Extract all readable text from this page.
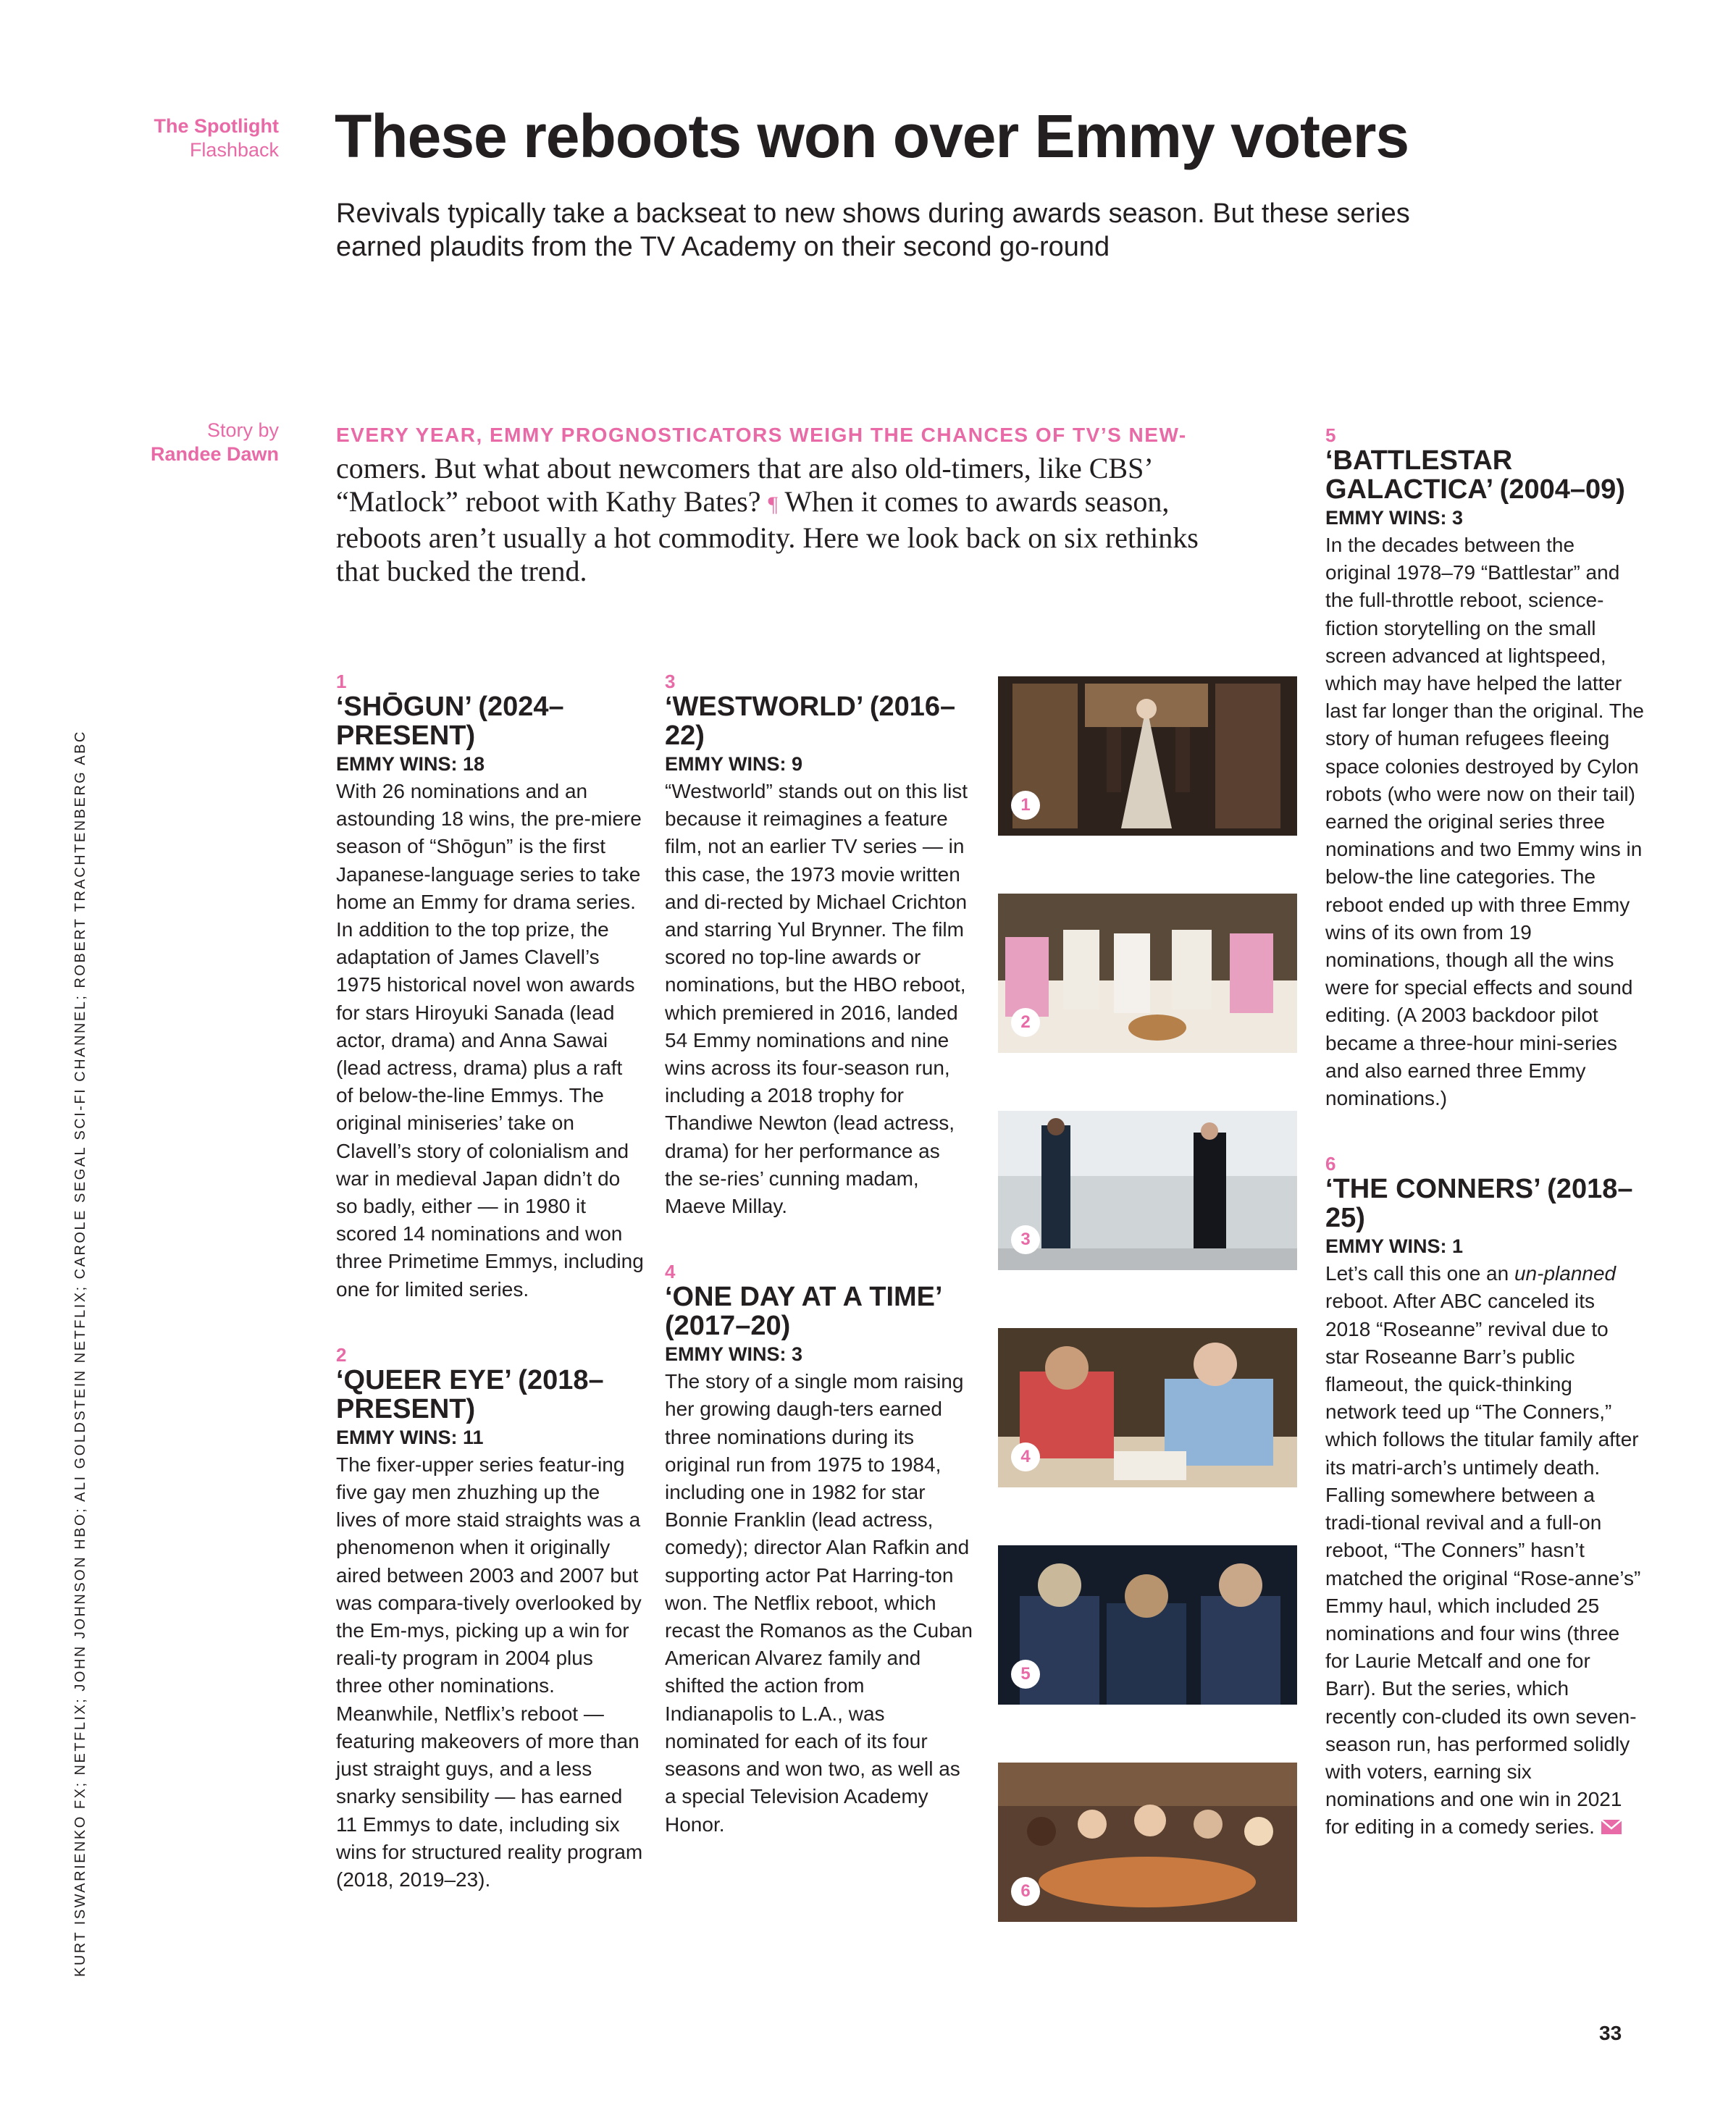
The Spotlight
Flashback These reboots won over Emmy voters
Revivals typically take a backseat to new shows during awards season. But these series earned plaudits from the TV Academy on their second go-round
Story by
Randee Dawn
EVERY YEAR, EMMY PROGNOSTICATORS WEIGH THE CHANCES OF TV’S NEW- comers. But what about newcomers that are also old-timers, like CBS’ “Matlock” reboot with Kathy Bates? ¶ When it comes to awards season, reboots aren’t usually a hot commodity. Here we look back on six rethinks that bucked the trend.
1
‘SHŌGUN’ (2024–PRESENT)
EMMY WINS: 18
With 26 nominations and an astounding 18 wins, the pre-miere season of “Shōgun” is the first Japanese-language series to take home an Emmy for drama series. In addition to the top prize, the adaptation of James Clavell’s 1975 historical novel won awards for stars Hiroyuki Sanada (lead actor, drama) and Anna Sawai (lead actress, drama) plus a raft of below-the-line Emmys. The original miniseries’ take on Clavell’s story of colonialism and war in medieval Japan didn’t do so badly, either — in 1980 it scored 14 nominations and won three Primetime Emmys, including one for limited series.
2
‘QUEER EYE’ (2018–PRESENT)
EMMY WINS: 11
The fixer-upper series featur-ing five gay men zhuzhing up the lives of more staid straights was a phenomenon when it originally aired between 2003 and 2007 but was compara-tively overlooked by the Em-mys, picking up a win for reali-ty program in 2004 plus three other nominations. Meanwhile, Netflix’s reboot — featuring makeovers of more than just straight guys, and a less snarky sensibility — has earned 11 Emmys to date, including six wins for structured reality program (2018, 2019–23).
3
‘WESTWORLD’ (2016–22)
EMMY WINS: 9
“Westworld” stands out on this list because it reimagines a feature film, not an earlier TV series — in this case, the 1973 movie written and di-rected by Michael Crichton and starring Yul Brynner. The film scored no top-line awards or nominations, but the HBO reboot, which premiered in 2016, landed 54 Emmy nominations and nine wins across its four-season run, including a 2018 trophy for Thandiwe Newton (lead actress, drama) for her performance as the se-ries’ cunning madam, Maeve Millay.
4
‘ONE DAY AT A TIME’ (2017–20)
EMMY WINS: 3
The story of a single mom raising her growing daugh-ters earned three nominations during its original run from 1975 to 1984, including one in 1982 for star Bonnie Franklin (lead actress, comedy); director Alan Rafkin and supporting actor Pat Harring-ton won. The Netflix reboot, which recast the Romanos as the Cuban American Alvarez family and shifted the action from Indianapolis to L.A., was nominated for each of its four seasons and won two, as well as a special Television Academy Honor.
1
2
3
4
5
6
5
‘BATTLESTAR GALACTICA’ (2004–09)
EMMY WINS: 3
In the decades between the original 1978–79 “Battlestar” and the full-throttle reboot, science-fiction storytelling on the small screen advanced at lightspeed, which may have helped the latter last far longer than the original. The story of human refugees fleeing space colonies destroyed by Cylon robots (who were now on their tail) earned the original series three nominations and two Emmy wins in below-the line categories. The reboot ended up with three Emmy wins of its own from 19 nominations, though all the wins were for special effects and sound editing. (A 2003 backdoor pilot became a three-hour mini-series and also earned three Emmy nominations.)
6
‘THE CONNERS’ (2018–25)
EMMY WINS: 1
Let’s call this one an un-planned reboot. After ABC canceled its 2018 “Roseanne” revival due to star Roseanne Barr’s public flameout, the quick-thinking network teed up “The Conners,” which follows the titular family after its matri-arch’s untimely death. Falling somewhere between a tradi-tional revival and a full-on reboot, “The Conners” hasn’t matched the original “Rose-anne’s” Emmy haul, which included 25 nominations and four wins (three for Laurie Metcalf and one for Barr). But the series, which recently con-cluded its own seven-season run, has performed solidly with voters, earning six nominations and one win in 2021 for editing in a comedy series.
KURT ISWARIENKO FX; NETFLIX; JOHN JOHNSON HBO; ALI GOLDSTEIN NETFLIX; CAROLE SEGAL SCI-FI CHANNEL; ROBERT TRACHTENBERG ABC
33
